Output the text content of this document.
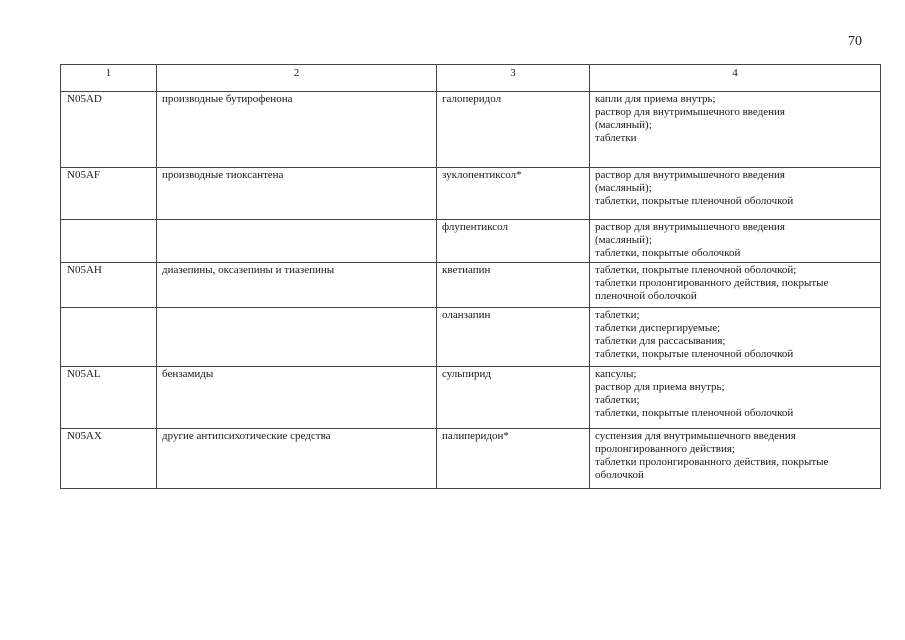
70
1	2	3	4
N05AD	производные бутирофенона	галоперидол	капли для приема внутрь;
раствор для внутримышечного введения
(масляный);
таблетки

N05AF	производные тиоксантена	зуклопентиксол*	раствор для внутримышечного введения
(масляный);
таблетки, покрытые пленочной оболочкой

		флупентиксол	раствор для внутримышечного введения
(масляный);
таблетки, покрытые оболочкой

N05AH	диазепины, оксазепины и тиазепины	кветиапин	таблетки, покрытые пленочной оболочкой;
таблетки пролонгированного действия, покрытые
пленочной оболочкой

		оланзапин	таблетки;
таблетки диспергируемые;
таблетки для рассасывания;
таблетки, покрытые пленочной оболочкой

N05AL	бензамиды	сульпирид	капсулы;
раствор для приема внутрь;
таблетки;
таблетки, покрытые пленочной оболочкой

N05AX	другие антипсихотические средства	палиперидон*	суспензия для внутримышечного введения
пролонгированного действия;
таблетки пролонгированного действия, покрытые
оболочкой
